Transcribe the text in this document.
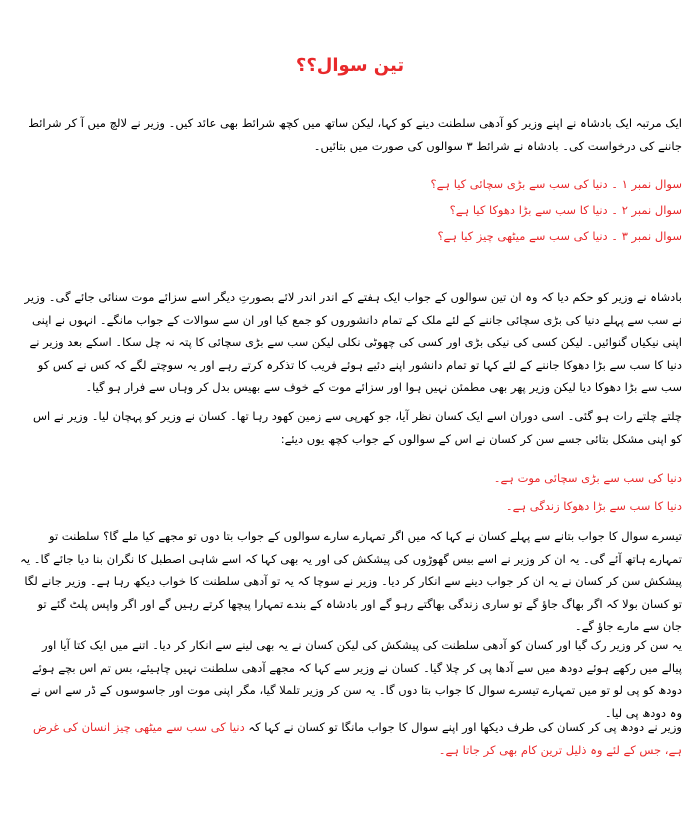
تین سوال؟؟

ایک مرتبہ ایک بادشاہ نے اپنے وزیر کو آدھی سلطنت دینے کو کہا، لیکن ساتھ میں کچھ شرائط بھی عائد کیں۔ وزیر نے لالچ میں آ کر شرائط جاننے کی درخواست کی۔ بادشاہ نے شرائط ۳ سوالوں کی صورت میں بتائیں۔

سوال نمبر ۱ ۔ دنیا کی سب سے بڑی سچائی کیا ہے؟
سوال نمبر ۲ ۔ دنیا کا سب سے بڑا دھوکا کیا ہے؟
سوال نمبر ۳ ۔ دنیا کی سب سے میٹھی چیز کیا ہے؟

بادشاہ نے وزیر کو حکم دیا کہ وہ ان تین سوالوں کے جواب ایک ہفتے کے اندر اندر لائے بصورتِ دیگر اسے سزائے موت سنائی جائے گی۔ وزیر نے سب سے پہلے دنیا کی بڑی سچائی جاننے کے لئے ملک کے تمام دانشوروں کو جمع کیا اور ان سے سوالات کے جواب مانگے۔ انہوں نے اپنی اپنی نیکیاں گنوائیں۔ لیکن کسی کی نیکی بڑی اور کسی کی چھوٹی نکلی لیکن سب سے بڑی سچائی کا پتہ نہ چل سکا۔ اسکے بعد وزیر نے دنیا کا سب سے بڑا دھوکا جاننے کے لئے کہا تو تمام دانشور اپنے دئیے ہوئے فریب کا تذکرہ کرتے رہے اور یہ سوچتے لگے کہ کس نے کس کو سب سے بڑا دھوکا دیا لیکن وزیر پھر بھی مطمئن نہیں ہوا اور سزائے موت کے خوف سے بھیس بدل کر وہاں سے فرار ہو گیا۔

چلتے چلتے رات ہو گئی۔ اسی دوران اسے ایک کسان نظر آیا، جو کھرپی سے زمین کھود رہا تھا۔ کسان نے وزیر کو پہچان لیا۔ وزیر نے اس کو اپنی مشکل بتائی جسے سن کر کسان نے اس کے سوالوں کے جواب کچھ یوں دیئے:

دنیا کی سب سے بڑی سچائی موت ہے۔
دنیا کا سب سے بڑا دھوکا زندگی ہے۔

تیسرے سوال کا جواب بتانے سے پہلے کسان نے کہا کہ میں اگر تمہارے سارے سوالوں کے جواب بتا دوں تو مجھے کیا ملے گا؟ سلطنت تو تمہارے ہاتھ آئے گی۔ یہ ان کر وزیر نے اسے بیس گھوڑوں کی پیشکش کی اور یہ بھی کہا کہ اسے شاہی اصطبل کا نگران بنا دیا جائے گا۔ یہ پیشکش سن کر کسان نے یہ ان کر جواب دینے سے انکار کر دیا۔ وزیر نے سوچا کہ یہ تو آدھی سلطنت کا خواب دیکھ رہا ہے۔ وزیر جانے لگا تو کسان بولا کہ اگر بھاگ جاؤ گے تو ساری زندگی بھاگتے رہو گے اور بادشاہ کے بندے تمہارا پیچھا کرتے رہیں گے اور اگر واپس پلٹ گئے تو جان سے مارے جاؤ گے۔

یہ سن کر وزیر رک گیا اور کسان کو آدھی سلطنت کی پیشکش کی لیکن کسان نے یہ بھی لینے سے انکار کر دیا۔ اتنے میں ایک کتا آیا اور پیالے میں رکھے ہوئے دودھ میں سے آدھا پی کر چلا گیا۔ کسان نے وزیر سے کہا کہ مجھے آدھی سلطنت نہیں چاہیئے، بس تم اس بچے ہوئے دودھ کو پی لو تو میں تمہارے تیسرے سوال کا جواب بتا دوں گا۔ یہ سن کر وزیر تلملا گیا، مگر اپنی موت اور جاسوسوں کے ڈر سے اس نے وہ دودھ پی لیا۔

وزیر نے دودھ پی کر کسان کی طرف دیکھا اور اپنے سوال کا جواب مانگا تو کسان نے کہا کہ دنیا کی سب سے میٹھی چیز انسان کی غرض ہے، جس کے لئے وہ ذلیل ترین کام بھی کر جاتا ہے۔
